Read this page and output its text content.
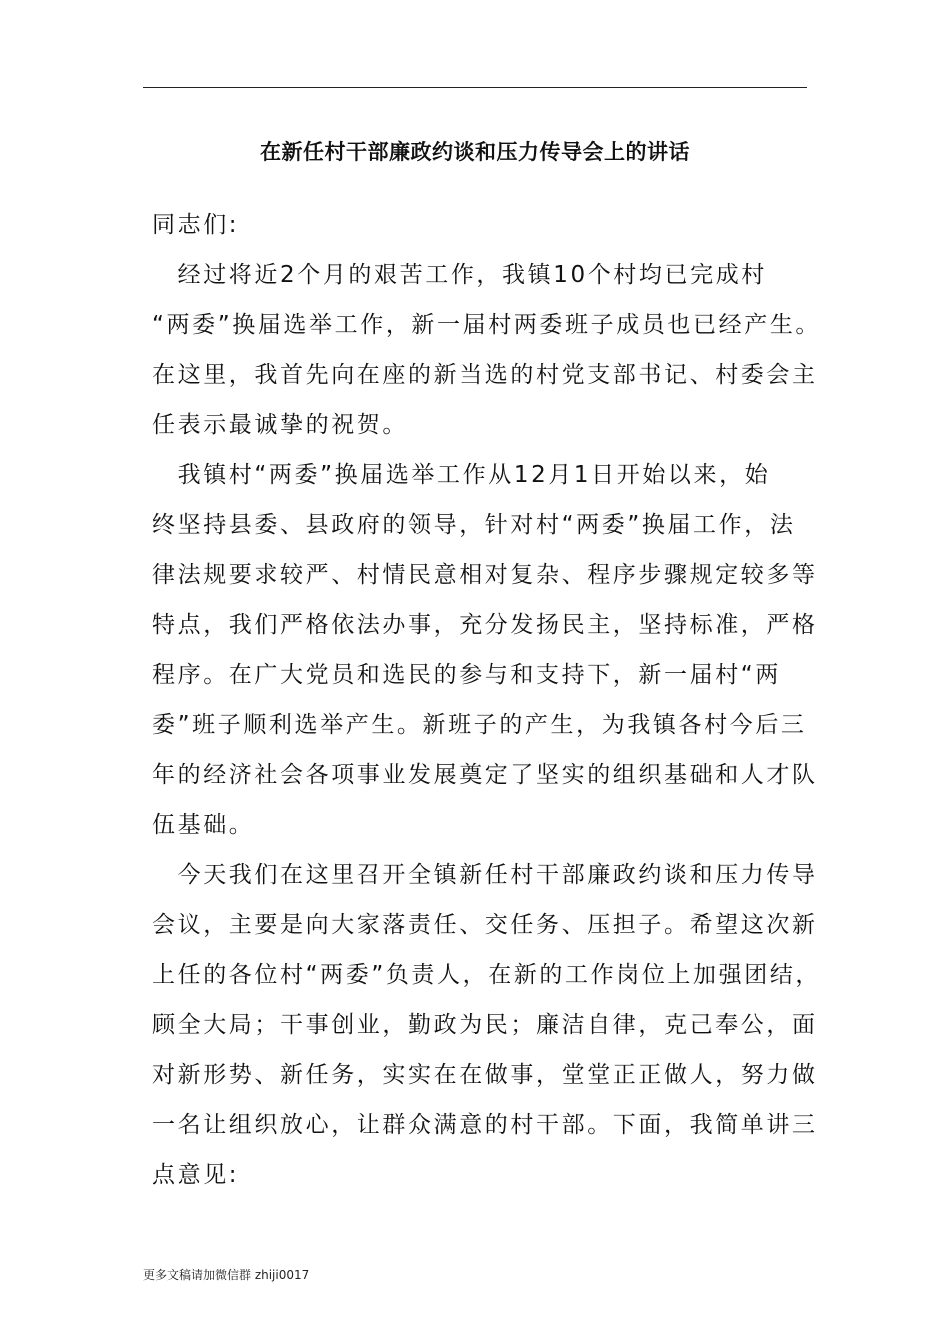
在新任村干部廉政约谈和压力传导会上的讲话
同志们:
　经过将近2个月的艰苦工作，我镇10个村均已完成村
“两委”换届选举工作，新一届村两委班子成员也已经产生。
在这里，我首先向在座的新当选的村党支部书记、村委会主
任表示最诚挚的祝贺。
　我镇村“两委”换届选举工作从12月1日开始以来，始
终坚持县委、县政府的领导，针对村“两委”换届工作，法
律法规要求较严、村情民意相对复杂、程序步骤规定较多等
特点，我们严格依法办事，充分发扬民主，坚持标准，严格
程序。在广大党员和选民的参与和支持下，新一届村“两
委”班子顺利选举产生。新班子的产生，为我镇各村今后三
年的经济社会各项事业发展奠定了坚实的组织基础和人才队
伍基础。
　今天我们在这里召开全镇新任村干部廉政约谈和压力传导
会议，主要是向大家落责任、交任务、压担子。希望这次新
上任的各位村“两委”负责人，在新的工作岗位上加强团结，
顾全大局；干事创业，勤政为民；廉洁自律，克己奉公，面
对新形势、新任务，实实在在做事，堂堂正正做人，努力做
一名让组织放心，让群众满意的村干部。下面，我简单讲三
点意见:
更多文稿请加微信群 zhiji0017
